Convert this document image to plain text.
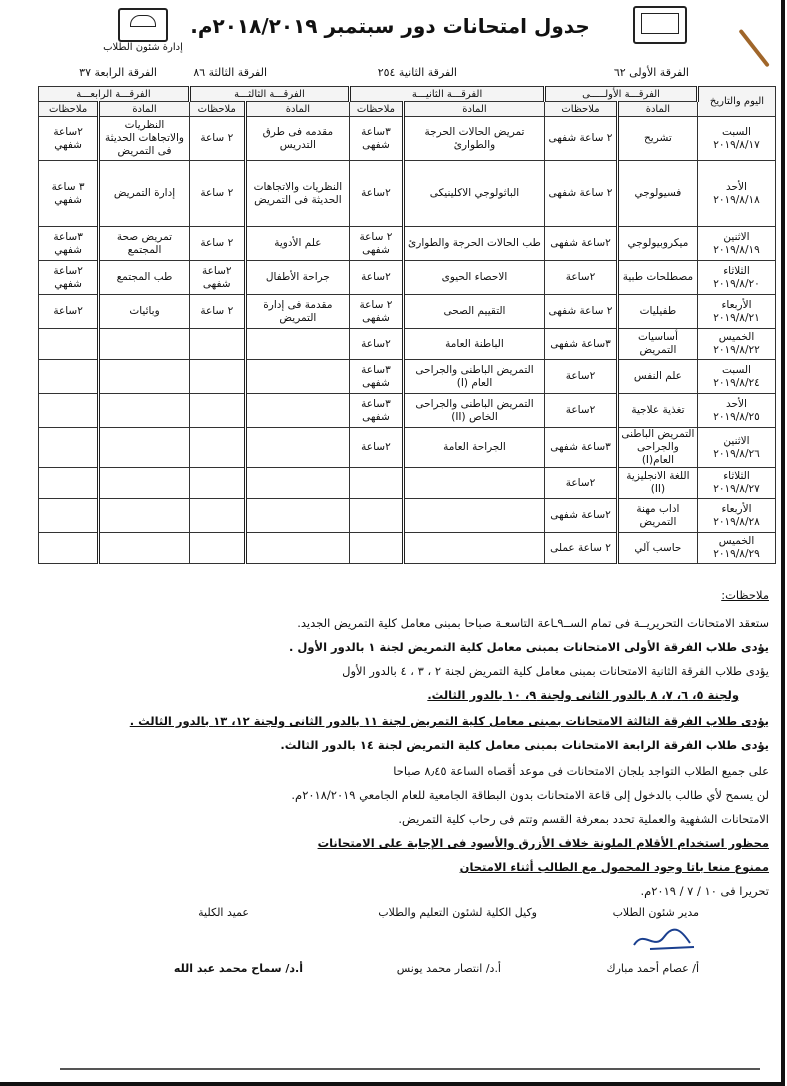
إدارة شئون الطلاب
جدول امتحانات دور سبتمبر ٢٠١٨/٢٠١٩م.
الفرقة الأولى ٦٢
الفرقة الثانية ٢٥٤
الفرقة الثالثة ٨٦
الفرقة الرابعة ٣٧
اليوم والتاريخ	الفرقـــة الأولـــــى		الفرقـــة الثانيـــة		الفرقـــة الثالثـــة		الفرقـــة الرابعـــة	
	المادة	ملاحظات	المادة	ملاحظات	المادة	ملاحظات	المادة	ملاحظات

السبت
٢٠١٩/٨/١٧	تشريح	٢ ساعة شفهى	تمريض الحالات الحرجة والطوارئ	٣ساعة شفهى	مقدمه فى طرق التدريس	٢ ساعة	النظريات والاتجاهات الحديثة فى التمريض	٢ساعة شفهي

الأحد
٢٠١٩/٨/١٨	فسيولوجي	٢ ساعة شفهى	الباثولوجي الاكلينيكى	٢ساعة	النظريات والاتجاهات الحديثة فى التمريض	٢ ساعة	إدارة التمريض	٣ ساعة شفهي

الاثنين
٢٠١٩/٨/١٩	ميكروبيولوجي	٢ساعة شفهى	طب الحالات الحرجة والطوارئ	٢ ساعة شفهى	علم الأدوية	٢ ساعة	تمريض صحة المجتمع	٣ساعة شفهي

الثلاثاء
٢٠١٩/٨/٢٠	مصطلحات طبية	٢ساعة	الاحصاء الحيوى	٢ساعة	جراحة الأطفال	٢ساعة شفهى	طب المجتمع	٢ساعة شفهي

الأربعاء
٢٠١٩/٨/٢١	طفيليات	٢ ساعة شفهى	التقييم الصحى	٢ ساعة شفهى	مقدمة فى إدارة التمريض	٢ ساعة	وبائيات	٢ساعة

الخميس
٢٠١٩/٨/٢٢	أساسيات التمريض	٣ساعة شفهى	الباطنة العامة	٢ساعة				

السبت
٢٠١٩/٨/٢٤	علم النفس	٢ساعة	التمريض الباطنى والجراحى العام (I)	٣ساعة شفهى				

الأحد
٢٠١٩/٨/٢٥	تغذية علاجية	٢ساعة	التمريض الباطنى والجراحى الخاص (II)	٣ساعة شفهى				

الاثنين
٢٠١٩/٨/٢٦	التمريض الباطنى والجراحى العام(I)	٣ساعة شفهى	الجراحة العامة	٢ساعة				

الثلاثاء
٢٠١٩/٨/٢٧	اللغة الانجليزية (II)	٢ساعة						

الأربعاء
٢٠١٩/٨/٢٨	اداب مهنة التمريض	٢ساعة شفهى						

الخميس
٢٠١٩/٨/٢٩	حاسب آلي	٢ ساعة عملى						
ملاحظات:
ستعقد الامتحانات التحريريــة فى تمام الســ٩ـاعة التاسعـة صباحا بمبنى معامل كلية التمريض الجديد.
يؤدى طلاب الفرقة الأولى الامتحانات بمبنى معامل كلية التمريض لجنة ١ بالدور الأول .
يؤدى طلاب الفرقة الثانية الامتحانات بمبنى معامل كلية التمريض لجنة ٢ ، ٣ ، ٤ بالدور الأول
ولجنة ٥، ٦، ٧، ٨ بالدور الثانى ولجنة ٩، ١٠ بالدور الثالث.
يؤدى طلاب الفرقة الثالثة الامتحانات بمبنى معامل كلية التمريض لجنة ١١ بالدور الثانى ولجنة ١٢، ١٣ بالدور الثالث .
يؤدى طلاب الفرقة الرابعة الامتحانات بمبنى معامل كلية التمريض لجنة ١٤ بالدور الثالث.
على جميع الطلاب التواجد بلجان الامتحانات فى موعد أقصاه الساعة ٨٫٤٥ صباحا
لن يسمح لأي طالب بالدخول إلى قاعة الامتحانات بدون البطاقة الجامعية للعام الجامعي ٢٠١٨/٢٠١٩م.
الامتحانات الشفهية والعملية تحدد بمعرفة القسم وتتم فى رحاب كلية التمريض.
محظور استخدام الأقلام الملونة خلاف الأزرق والأسود فى الإجابة على الامتحانات
ممنوع منعا باتا وجود المحمول مع الطالب أثناء الامتحان
تحريرا فى ١٠ / ٧ / ٢٠١٩م.
مدير شئون الطلاب
وكيل الكلية لشئون التعليم والطلاب
عميد الكلية
أ/ عصام أحمد مبارك
أ.د/ انتصار محمد يونس
أ.د/ سماح محمد عبد الله
